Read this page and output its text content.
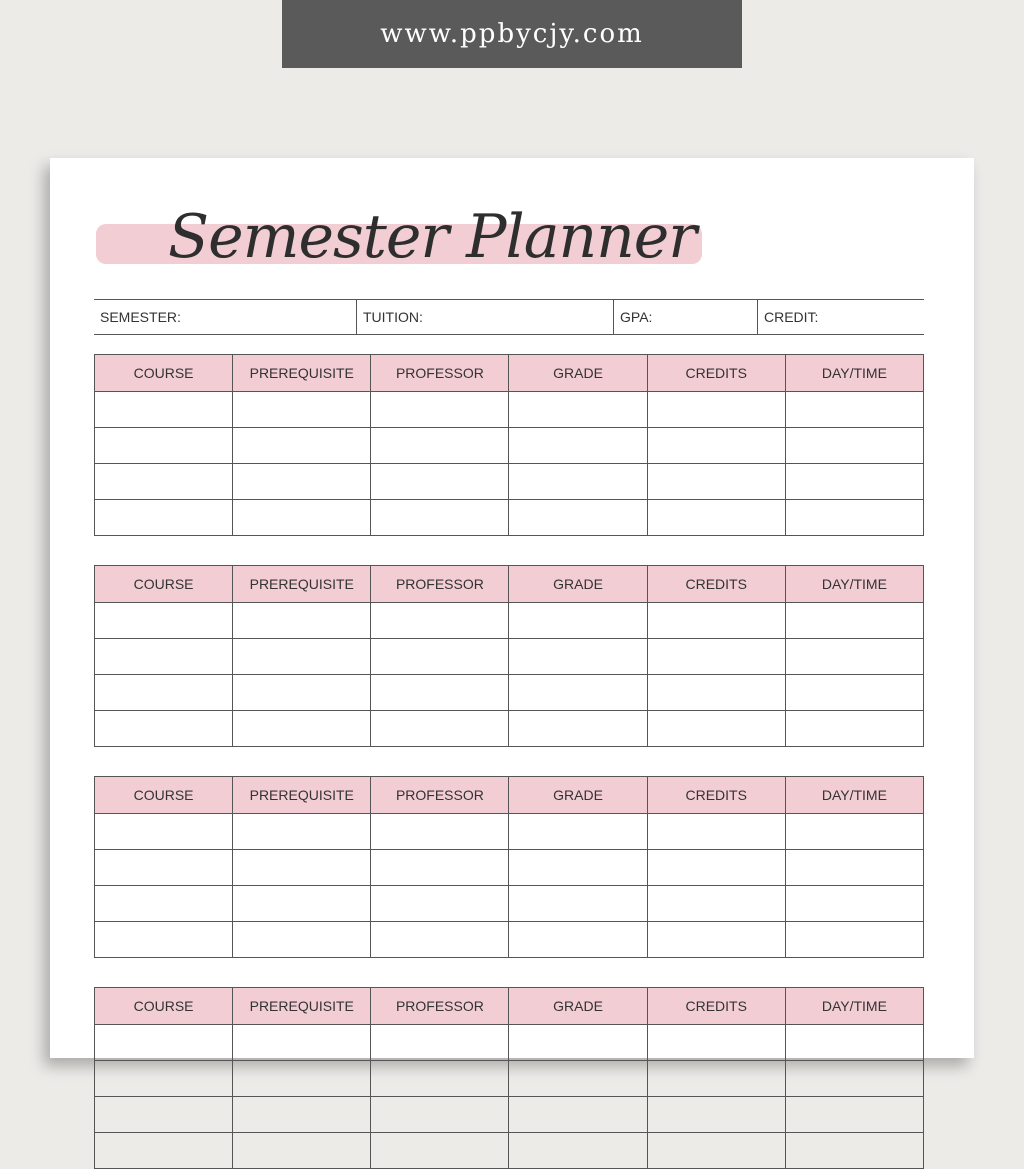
www.ppbycjy.com
Semester Planner
SEMESTER:	TUITION:	GPA:	CREDIT:
COURSE	PREREQUISITE	PROFESSOR	GRADE	CREDITS	DAY/TIME

COURSE	PREREQUISITE	PROFESSOR	GRADE	CREDITS	DAY/TIME

COURSE	PREREQUISITE	PROFESSOR	GRADE	CREDITS	DAY/TIME

COURSE	PREREQUISITE	PROFESSOR	GRADE	CREDITS	DAY/TIME
